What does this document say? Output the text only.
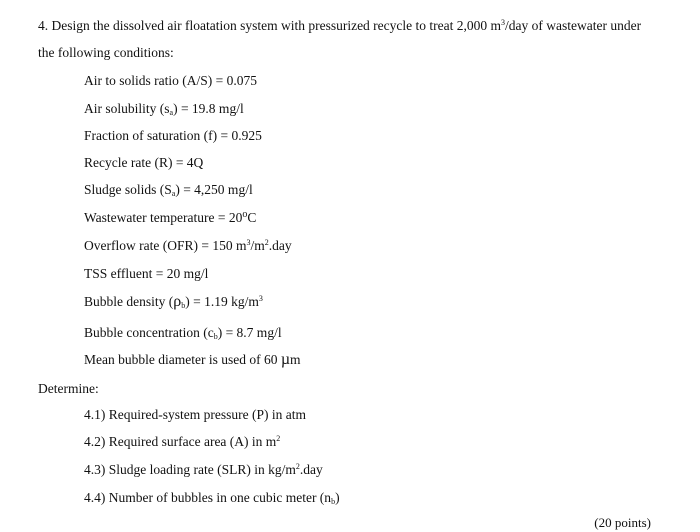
4. Design the dissolved air floatation system with pressurized recycle to treat 2,000 $m^3$/day of wastewater under
the following conditions:
Air to solids ratio (A/S) = 0.075
Air solubility $(s_a) = 19.8$ mg/l
Fraction of saturation (f) = 0.925
Recycle rate (R) = 4Q
Sludge solids $(S_a) = 4,250$ mg/l
Wastewater temperature = $20^oC$
Overflow rate (OFR) = 150 $m^3/m^2.day$
TSS effluent = 20 mg/l
Bubble density $(\rho_b) = 1.19$ $kg/m^3$
Bubble concentration $(c_b) = 8.7$ mg/l
Mean bubble diameter is used of 60 µm
Determine:
4.1) Required-system pressure (P) in atm
4.2) Required surface area (A) in $m^2$
4.3) Sludge loading rate (SLR) in $kg/m^2.day$
4.4) Number of bubbles in one cubic meter $(n_b)$
(20 points)
